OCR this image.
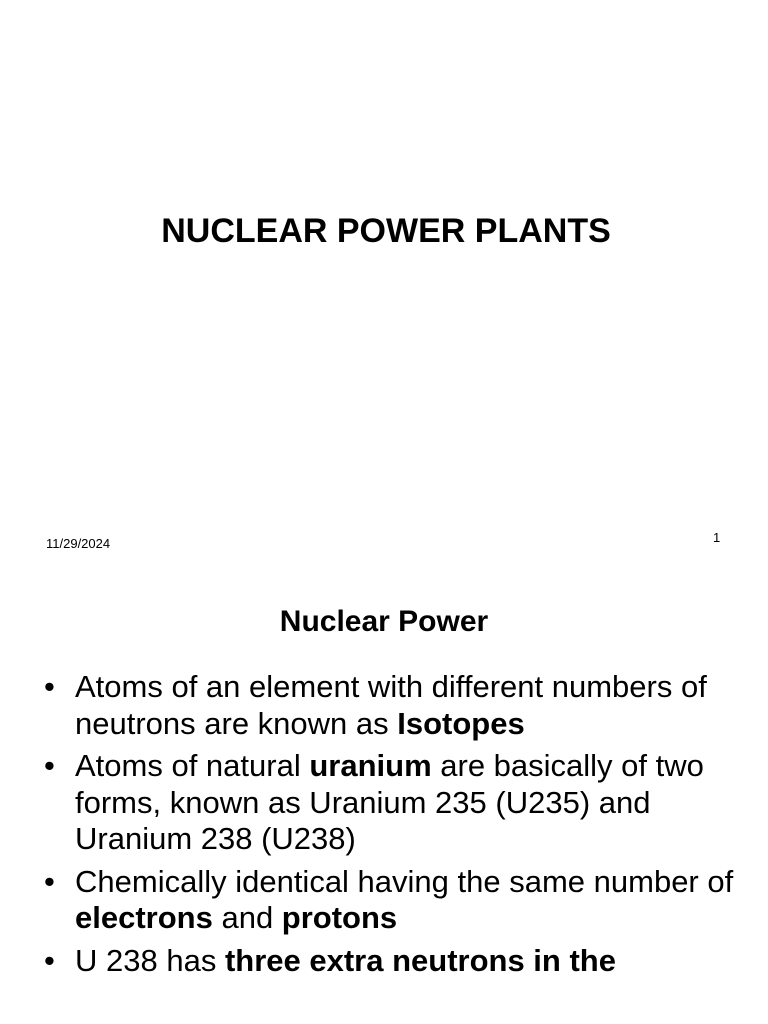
NUCLEAR POWER PLANTS
11/29/2024	1
Nuclear Power
• Atoms of an element with different numbers of neutrons are known as Isotopes
• Atoms of natural uranium are basically of two forms, known as Uranium 235 (U235) and Uranium 238 (U238)
• Chemically identical having the same number of electrons and protons
• U 238 has three extra neutrons in the
